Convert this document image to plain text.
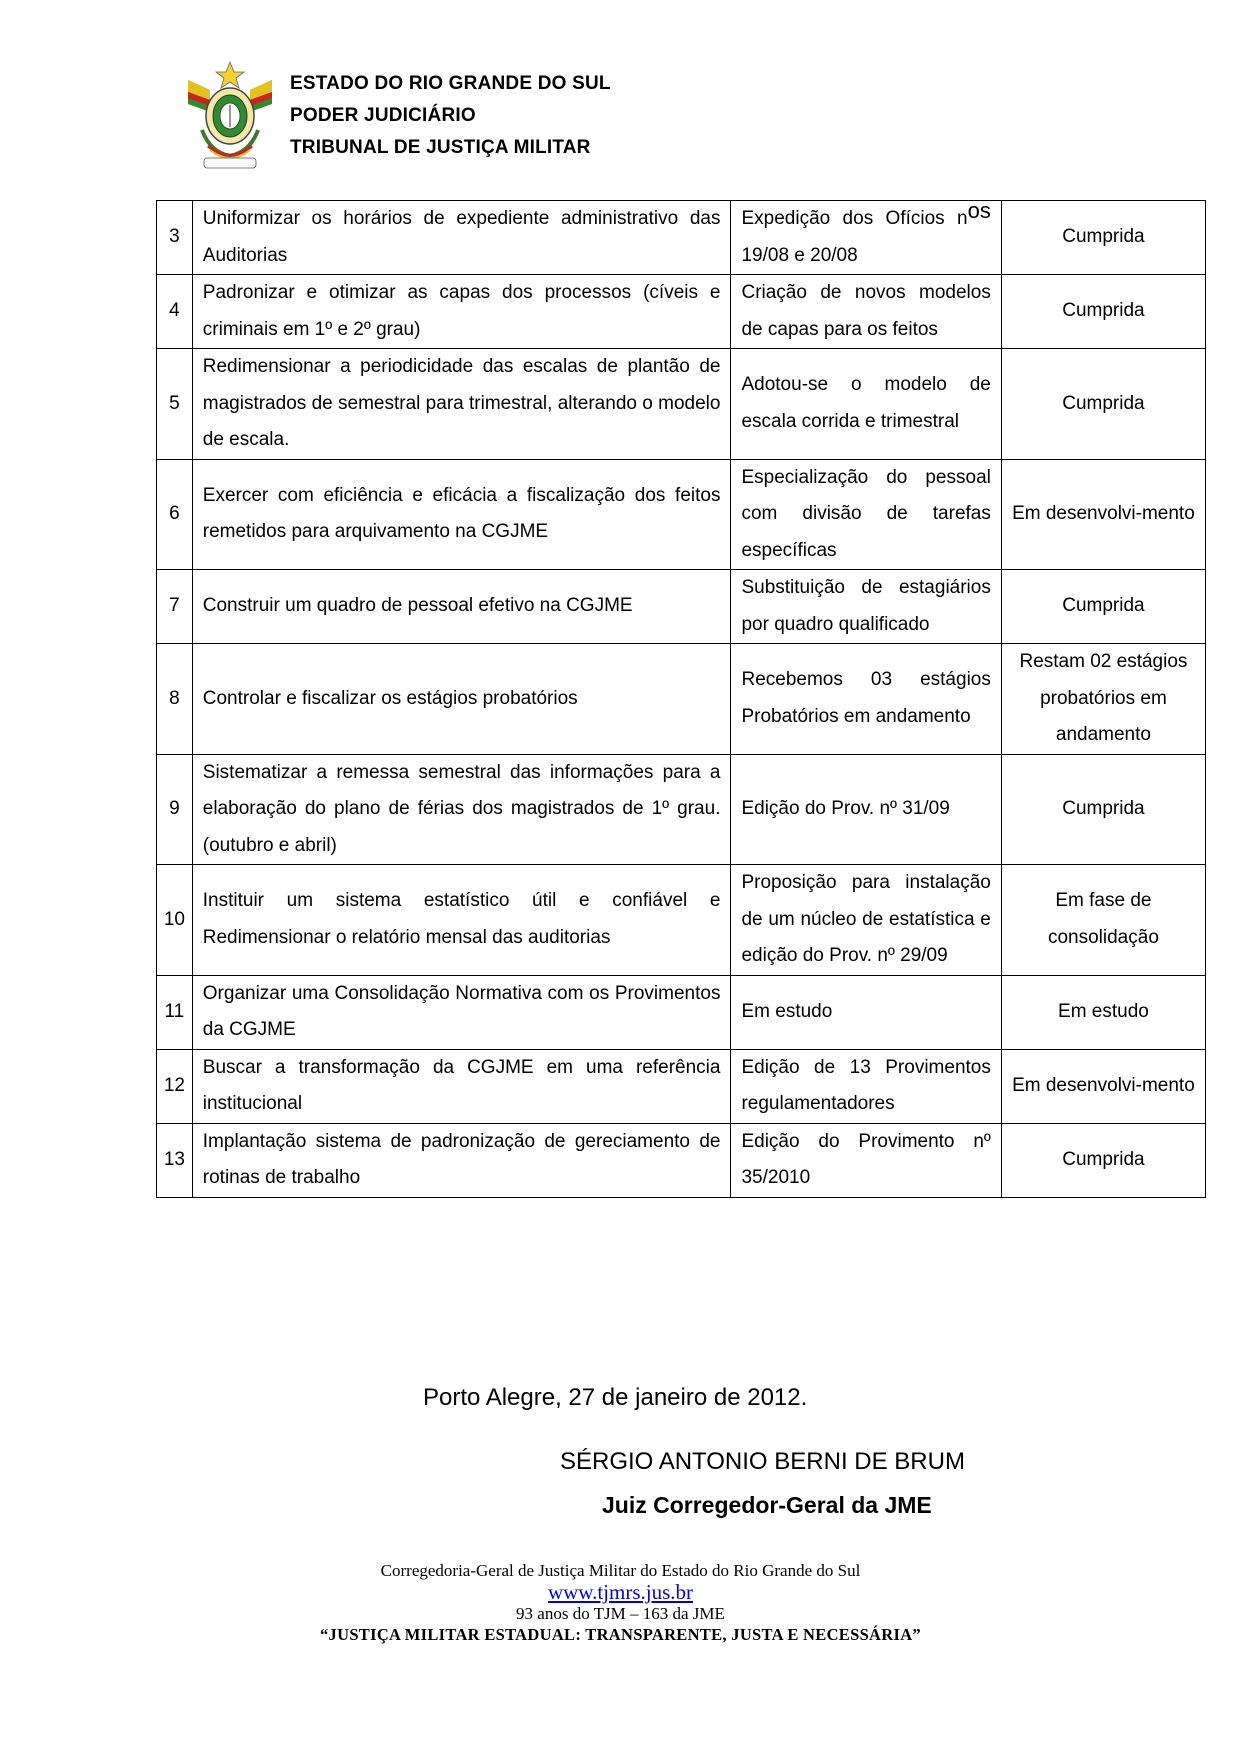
ESTADO DO RIO GRANDE DO SUL
PODER JUDICIÁRIO
TRIBUNAL DE JUSTIÇA MILITAR
3	Uniformizar os horários de expediente administrativo das Auditorias	Expedição dos Ofícios nos 19/08 e 20/08	Cumprida
4	Padronizar e otimizar as capas dos processos (cíveis e criminais em 1º e 2º grau)	Criação de novos modelos de capas para os feitos	Cumprida
5	Redimensionar a periodicidade das escalas de plantão de magistrados de semestral para trimestral, alterando o modelo de escala.	Adotou-se o modelo de escala corrida e trimestral	Cumprida
6	Exercer com eficiência e eficácia a fiscalização dos feitos remetidos para arquivamento na CGJME	Especialização do pessoal com divisão de tarefas específicas	Em desenvolvi-mento
7	Construir um quadro de pessoal efetivo na CGJME	Substituição de estagiários por quadro qualificado	Cumprida
8	Controlar e fiscalizar os estágios probatórios	Recebemos 03 estágios Probatórios em andamento	Restam 02 estágios probatórios em andamento
9	Sistematizar a remessa semestral das informações para a elaboração do plano de férias dos magistrados de 1º grau. (outubro e abril)	Edição do Prov. nº 31/09	Cumprida
10	Instituir um sistema estatístico útil e confiável e Redimensionar o relatório mensal das auditorias	Proposição para instalação de um núcleo de estatística e edição do Prov. nº 29/09	Em fase de consolidação
11	Organizar uma Consolidação Normativa com os Provimentos da CGJME	Em estudo	Em estudo
12	Buscar a transformação da CGJME em uma referência institucional	Edição de 13 Provimentos regulamentadores	Em desenvolvi-mento
13	Implantação sistema de padronização de gereciamento de rotinas de trabalho	Edição do Provimento nº 35/2010	Cumprida
Porto Alegre, 27 de janeiro de 2012.
SÉRGIO ANTONIO BERNI DE BRUM
Juiz Corregedor-Geral da JME
Corregedoria-Geral de Justiça Militar do Estado do Rio Grande do Sul
www.tjmrs.jus.br
93 anos do TJM – 163 da JME
“JUSTIÇA MILITAR ESTADUAL: TRANSPARENTE, JUSTA E NECESSÁRIA”
